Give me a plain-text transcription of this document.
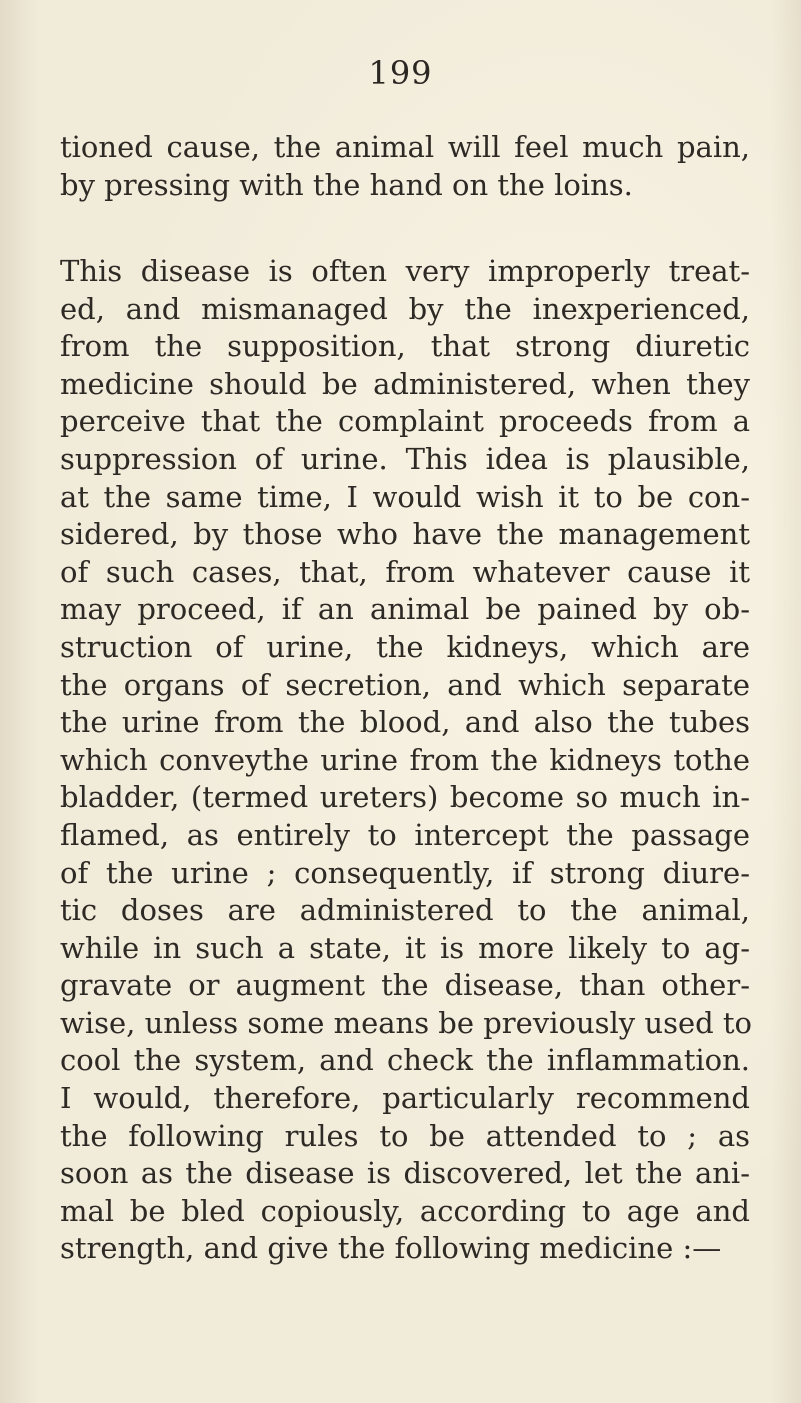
199
tioned cause, the animal will feel much pain,
by pressing with the hand on the loins.
This disease is often very improperly treat-
ed, and mismanaged by the inexperienced,
from the supposition, that strong diuretic
medicine should be administered, when they
perceive that the complaint proceeds from a
suppression of urine. This idea is plausible,
at the same time, I would wish it to be con-
sidered, by those who have the management
of such cases, that, from whatever cause it
may proceed, if an animal be pained by ob-
struction of urine, the kidneys, which are
the organs of secretion, and which separate
the urine from the blood, and also the tubes
which conveythe urine from the kidneys tothe
bladder, (termed ureters) become so much in-
flamed, as entirely to intercept the passage
of the urine ; consequently, if strong diure-
tic doses are administered to the animal,
while in such a state, it is more likely to ag-
gravate or augment the disease, than other-
wise, unless some means be previously used to
cool the system, and check the inflammation.
I would, therefore, particularly recommend
the following rules to be attended to ; as
soon as the disease is discovered, let the ani-
mal be bled copiously, according to age and
strength, and give the following medicine :—
